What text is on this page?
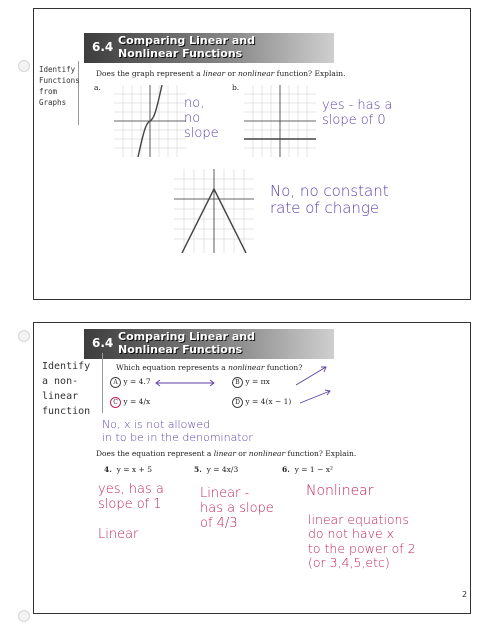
6.4 Comparing Linear and
Nonlinear Functions
Identify
Functions
from
Graphs
Does the graph represent a linear or nonlinear function? Explain.
a.	b.
no,
no
slope
yes - has a
slope of 0
No, no constant
rate of change
6.4 Comparing Linear and
Nonlinear Functions
Identify
a non-
linear
function
Which equation represents a nonlinear function?
A y = 4.7	B y = πx
C y = 4/x	D y = 4(x − 1)
No, x is not allowed
in to be in the denominator
Does the equation represent a linear or nonlinear function? Explain.
4. y = x + 5	5. y = 4x/3	6. y = 1 − x²
yes, has a
slope of 1

Linear
Linear -
has a slope
of 4/3
Nonlinear
linear equations
do not have x
to the power of 2
(or 3,4,5,etc)
2
